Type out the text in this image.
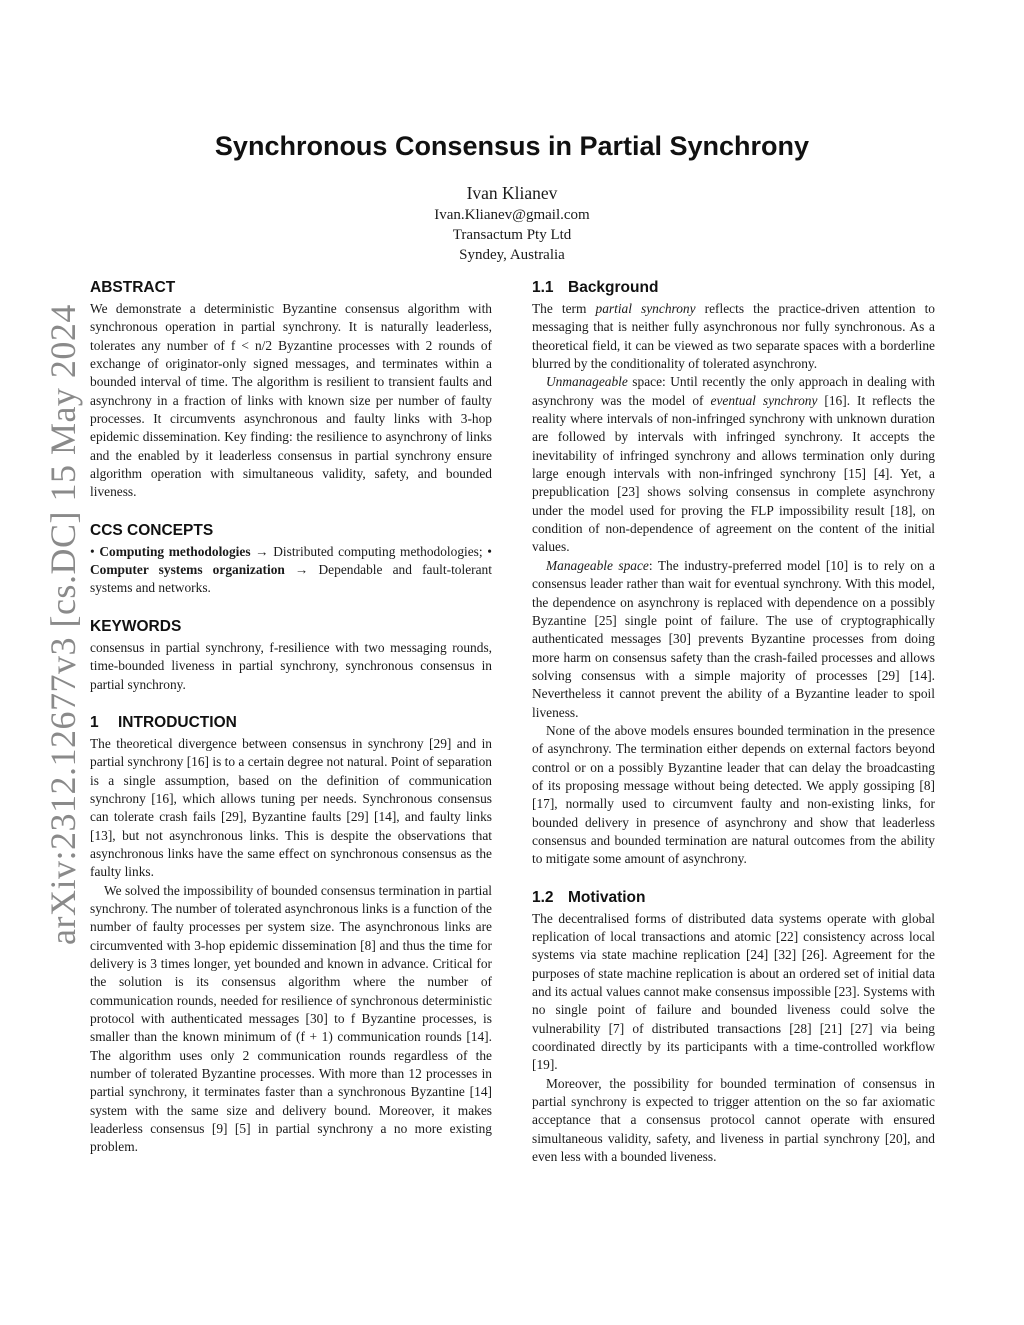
arXiv:2312.12677v3 [cs.DC] 15 May 2024
Synchronous Consensus in Partial Synchrony
Ivan Klianev
Ivan.Klianev@gmail.com
Transactum Pty Ltd
Syndey, Australia
ABSTRACT

We demonstrate a deterministic Byzantine consensus algorithm with synchronous operation in partial synchrony. It is naturally leaderless, tolerates any number of f < n/2 Byzantine processes with 2 rounds of exchange of originator-only signed messages, and terminates within a bounded interval of time. The algorithm is resilient to transient faults and asynchrony in a fraction of links with known size per number of faulty processes. It circumvents asynchronous and faulty links with 3-hop epidemic dissemination. Key finding: the resilience to asynchrony of links and the enabled by it leaderless consensus in partial synchrony ensure algorithm operation with simultaneous validity, safety, and bounded liveness.

CCS CONCEPTS

• Computing methodologies → Distributed computing methodologies; • Computer systems organization → Dependable and fault-tolerant systems and networks.

KEYWORDS

consensus in partial synchrony, f-resilience with two messaging rounds, time-bounded liveness in partial synchrony, synchronous consensus in partial synchrony.

1 INTRODUCTION

The theoretical divergence between consensus in synchrony [29] and in partial synchrony [16] is to a certain degree not natural. Point of separation is a single assumption, based on the definition of communication synchrony [16], which allows tuning per needs. Synchronous consensus can tolerate crash fails [29], Byzantine faults [29] [14], and faulty links [13], but not asynchronous links. This is despite the observations that asynchronous links have the same effect on synchronous consensus as the faulty links.

We solved the impossibility of bounded consensus termination in partial synchrony. The number of tolerated asynchronous links is a function of the number of faulty processes per system size. The asynchronous links are circumvented with 3-hop epidemic dissemination [8] and thus the time for delivery is 3 times longer, yet bounded and known in advance. Critical for the solution is its consensus algorithm where the number of communication rounds, needed for resilience of synchronous deterministic protocol with authenticated messages [30] to f Byzantine processes, is smaller than the known minimum of (f + 1) communication rounds [14]. The algorithm uses only 2 communication rounds regardless of the number of tolerated Byzantine processes. With more than 12 processes in partial synchrony, it terminates faster than a synchronous Byzantine [14] system with the same size and delivery bound. Moreover, it makes leaderless consensus [9] [5] in partial synchrony a no more existing problem.

1.1 Background

The term partial synchrony reflects the practice-driven attention to messaging that is neither fully asynchronous nor fully synchronous. As a theoretical field, it can be viewed as two separate spaces with a borderline blurred by the conditionality of tolerated asynchrony.

Unmanageable space: Until recently the only approach in dealing with asynchrony was the model of eventual synchrony [16]. It reflects the reality where intervals of non-infringed synchrony with unknown duration are followed by intervals with infringed synchrony. It accepts the inevitability of infringed synchrony and allows termination only during large enough intervals with non-infringed synchrony [15] [4]. Yet, a prepublication [23] shows solving consensus in complete asynchrony under the model used for proving the FLP impossibility result [18], on condition of non-dependence of agreement on the content of the initial values.

Manageable space: The industry-preferred model [10] is to rely on a consensus leader rather than wait for eventual synchrony. With this model, the dependence on asynchrony is replaced with dependence on a possibly Byzantine [25] single point of failure. The use of cryptographically authenticated messages [30] prevents Byzantine processes from doing more harm on consensus safety than the crash-failed processes and allows solving consensus with a simple majority of processes [29] [14]. Nevertheless it cannot prevent the ability of a Byzantine leader to spoil liveness.

None of the above models ensures bounded termination in the presence of asynchrony. The termination either depends on external factors beyond control or on a possibly Byzantine leader that can delay the broadcasting of its proposing message without being detected. We apply gossiping [8] [17], normally used to circumvent faulty and non-existing links, for bounded delivery in presence of asynchrony and show that leaderless consensus and bounded termination are natural outcomes from the ability to mitigate some amount of asynchrony.

1.2 Motivation

The decentralised forms of distributed data systems operate with global replication of local transactions and atomic [22] consistency across local systems via state machine replication [24] [32] [26]. Agreement for the purposes of state machine replication is about an ordered set of initial data and its actual values cannot make consensus impossible [23]. Systems with no single point of failure and bounded liveness could solve the vulnerability [7] of distributed transactions [28] [21] [27] via being coordinated directly by its participants with a time-controlled workflow [19].

Moreover, the possibility for bounded termination of consensus in partial synchrony is expected to trigger attention on the so far axiomatic acceptance that a consensus protocol cannot operate with ensured simultaneous validity, safety, and liveness in partial synchrony [20], and even less with a bounded liveness.
